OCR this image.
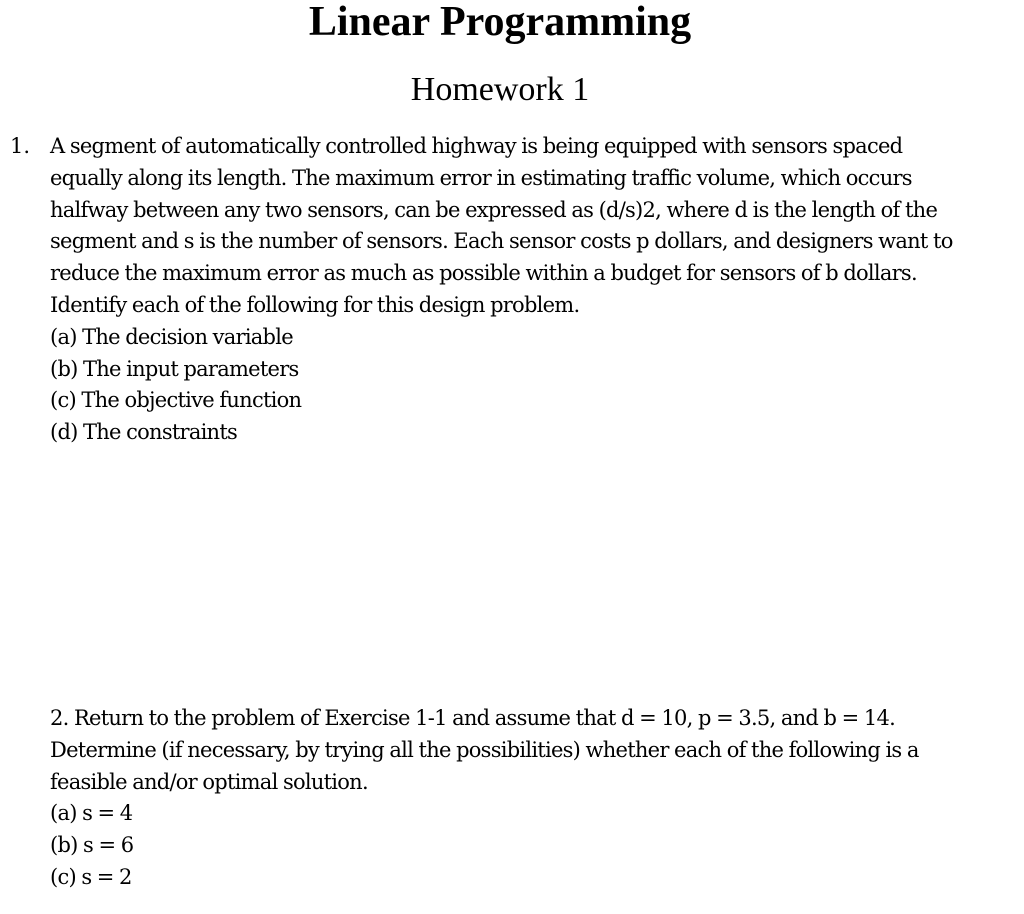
Linear Programming
Homework 1
1. A segment of automatically controlled highway is being equipped with sensors spaced

equally along its length. The maximum error in estimating traffic volume, which occurs

halfway between any two sensors, can be expressed as (d/s)2, where d is the length of the

segment and s is the number of sensors. Each sensor costs p dollars, and designers want to

reduce the maximum error as much as possible within a budget for sensors of b dollars.

Identify each of the following for this design problem.

(a) The decision variable

(b) The input parameters

(c) The objective function

(d) The constraints

2. Return to the problem of Exercise 1-1 and assume that d = 10, p = 3.5, and b = 14.

Determine (if necessary, by trying all the possibilities) whether each of the following is a

feasible and/or optimal solution.

(a) s = 4

(b) s = 6

(c) s = 2
